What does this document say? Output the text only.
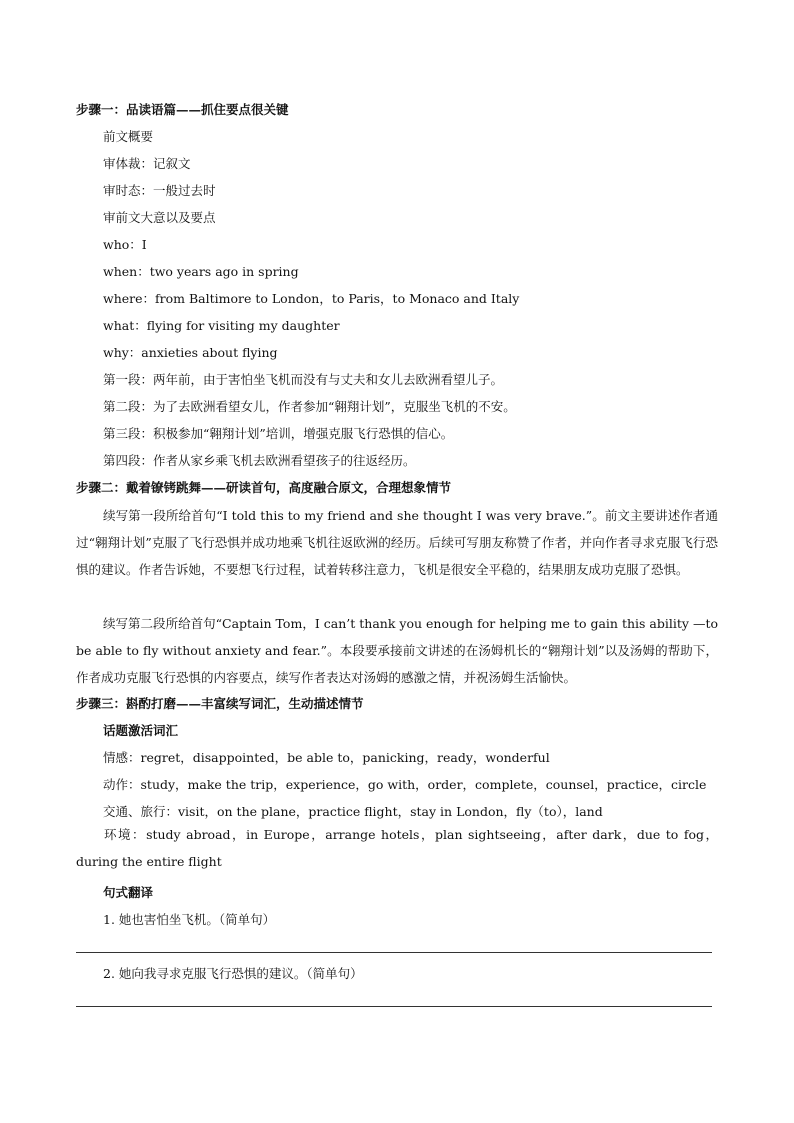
步骤一：品读语篇——抓住要点很关键
前文概要
审体裁：记叙文
审时态：一般过去时
审前文大意以及要点
who：I
when：two years ago in spring
where：from Baltimore to London，to Paris，to Monaco and Italy
what：flying for visiting my daughter
why：anxieties about flying
第一段：两年前，由于害怕坐飞机而没有与丈夫和女儿去欧洲看望儿子。
第二段：为了去欧洲看望女儿，作者参加“翱翔计划”，克服坐飞机的不安。
第三段：积极参加“翱翔计划”培训，增强克服飞行恐惧的信心。
第四段：作者从家乡乘飞机去欧洲看望孩子的往返经历。
步骤二：戴着镣铐跳舞——研读首句，高度融合原文，合理想象情节
续写第一段所给首句“I told this to my friend and she thought I was very brave.”。前文主要讲述作者通过“翱翔计划”克服了飞行恐惧并成功地乘飞机往返欧洲的经历。后续可写朋友称赞了作者，并向作者寻求克服飞行恐惧的建议。作者告诉她，不要想飞行过程，试着转移注意力，飞机是很安全平稳的，结果朋友成功克服了恐惧。
续写第二段所给首句“Captain Tom，I can’t thank you enough for helping me to gain this ability —to be able to fly without anxiety and fear.”。本段要承接前文讲述的在汤姆机长的“翱翔计划”以及汤姆的帮助下，作者成功克服飞行恐惧的内容要点，续写作者表达对汤姆的感激之情，并祝汤姆生活愉快。
步骤三：斟酌打磨——丰富续写词汇，生动描述情节
话题激活词汇
情感：regret，disappointed，be able to，panicking，ready，wonderful
动作：study，make the trip，experience，go with，order，complete，counsel，practice，circle
交通、旅行：visit，on the plane，practice flight，stay in London，fly（to），land
环境：study abroad，in Europe，arrange hotels，plan sightseeing，after dark，due to fog，during the entire flight
句式翻译
1. 她也害怕坐飞机。（简单句）
2. 她向我寻求克服飞行恐惧的建议。（简单句）
